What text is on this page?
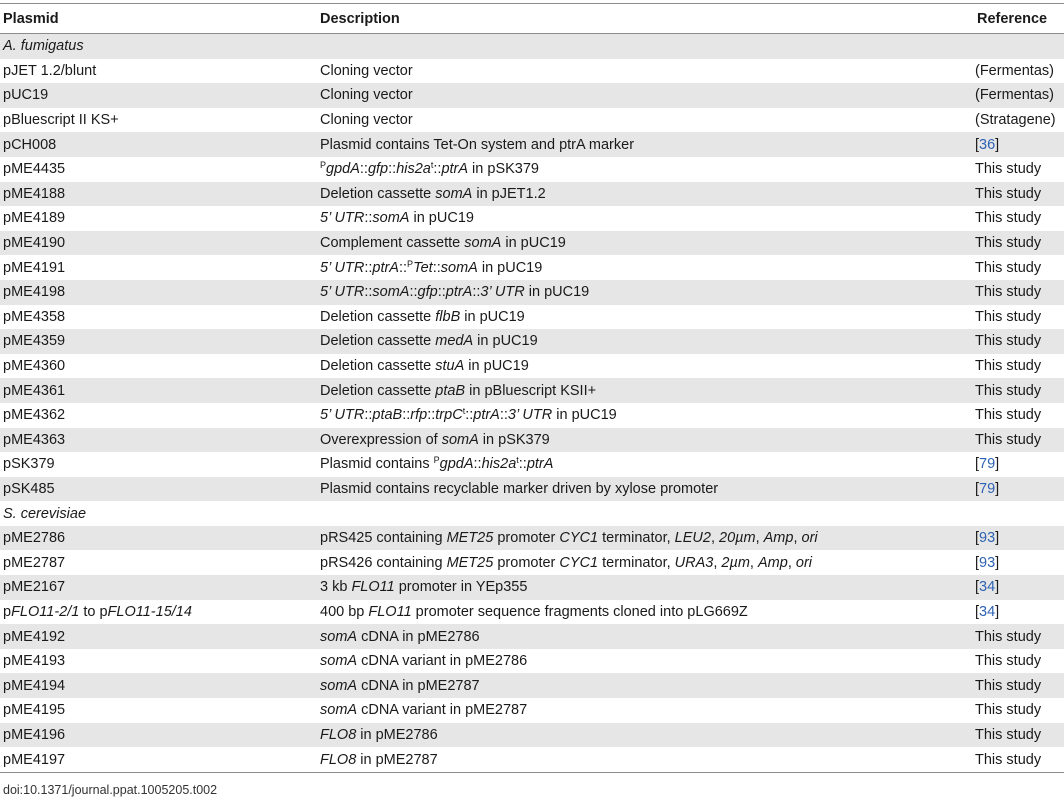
Plasmid	Description	Reference
A. fumigatus
pJET 1.2/blunt	Cloning vector	(Fermentas)
pUC19	Cloning vector	(Fermentas)
pBluescript II KS+	Cloning vector	(Stratagene)
pCH008	Plasmid contains Tet-On system and ptrA marker	[36]
pME4435	$^PgpdA::gfp::his2a^t::ptrA$ in pSK379	This study
pME4188	Deletion cassette somA in pJET1.2	This study
pME4189	5’ UTR::somA in pUC19	This study
pME4190	Complement cassette somA in pUC19	This study
pME4191	5’ UTR::ptrA::$^P$Tet::somA in pUC19	This study
pME4198	5’ UTR::somA::gfp::ptrA::3’ UTR in pUC19	This study
pME4358	Deletion cassette flbB in pUC19	This study
pME4359	Deletion cassette medA in pUC19	This study
pME4360	Deletion cassette stuA in pUC19	This study
pME4361	Deletion cassette ptaB in pBluescript KSII+	This study
pME4362	5’ UTR::ptaB::rfp::trpC$^t$::ptrA::3’ UTR in pUC19	This study
pME4363	Overexpression of somA in pSK379	This study
pSK379	Plasmid contains $^PgpdA::his2a^t::ptrA$	[79]
pSK485	Plasmid contains recyclable marker driven by xylose promoter	[79]
S. cerevisiae
pME2786	pRS425 containing MET25 promoter CYC1 terminator, LEU2, 20µm, Amp, ori	[93]
pME2787	pRS426 containing MET25 promoter CYC1 terminator, URA3, 2µm, Amp, ori	[93]
pME2167	3 kb FLO11 promoter in YEp355	[34]
pFLO11-2/1 to pFLO11-15/14	400 bp FLO11 promoter sequence fragments cloned into pLG669Z	[34]
pME4192	somA cDNA in pME2786	This study
pME4193	somA cDNA variant in pME2786	This study
pME4194	somA cDNA in pME2787	This study
pME4195	somA cDNA variant in pME2787	This study
pME4196	FLO8 in pME2786	This study
pME4197	FLO8 in pME2787	This study
doi:10.1371/journal.ppat.1005205.t002
